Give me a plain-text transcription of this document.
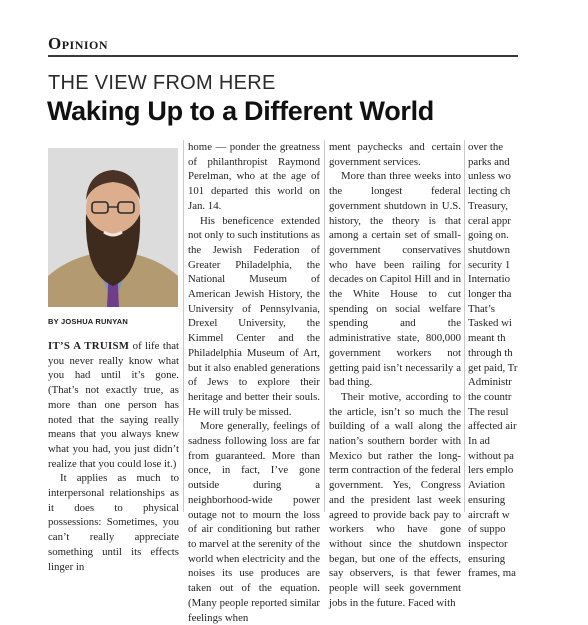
Opinion
THE VIEW FROM HERE
Waking Up to a Different World
BY JOSHUA RUNYAN

IT’S A TRUISM of life that you never really know what you had until it’s gone. (That’s not exactly true, as more than one person has noted that the saying really means that you always knew what you had, you just didn’t realize that you could lose it.)

It applies as much to interpersonal relationships as it does to physical possessions: Sometimes, you can’t really appreciate something until its effects linger in

home — ponder the greatness of philanthropist Raymond Perelman, who at the age of 101 departed this world on Jan. 14.

His beneficence extended not only to such institutions as the Jewish Federation of Greater Philadelphia, the National Museum of American Jewish History, the University of Pennsylvania, Drexel University, the Kimmel Center and the Philadelphia Museum of Art, but it also enabled generations of Jews to explore their heritage and better their souls. He will truly be missed.

More generally, feelings of sadness following loss are far from guaranteed. More than once, in fact, I’ve gone outside during a neighborhood-wide power outage not to mourn the loss of air conditioning but rather to marvel at the serenity of the world when electricity and the noises its use produces are taken out of the equation. (Many people reported similar feelings when

ment paychecks and certain government services.

More than three weeks into the longest federal government shutdown in U.S. history, the theory is that among a certain set of small-government conservatives who have been railing for decades on Capitol Hill and in the White House to cut spending on social welfare spending and the administrative state, 800,000 government workers not getting paid isn’t necessarily a bad thing.

Their motive, according to the article, isn’t so much the building of a wall along the nation’s southern border with Mexico but rather the long-term contraction of the federal government. Yes, Congress and the president last week agreed to provide back pay to workers who have gone without since the shutdown began, but one of the effects, say observers, is that fewer people will seek government jobs in the future. Faced with

over the
parks and
unless wo
lecting ch
Treasury,
ceral appr
going on.
shutdown
security 1
Internatio
longer tha
That’s
Tasked wi
meant th
through th
get paid, Tr
Administr
the countr
The resul
affected air
In ad
without pa
lers emplo
Aviation
ensuring
aircraft w
of suppo
inspector
ensuring
frames, ma
